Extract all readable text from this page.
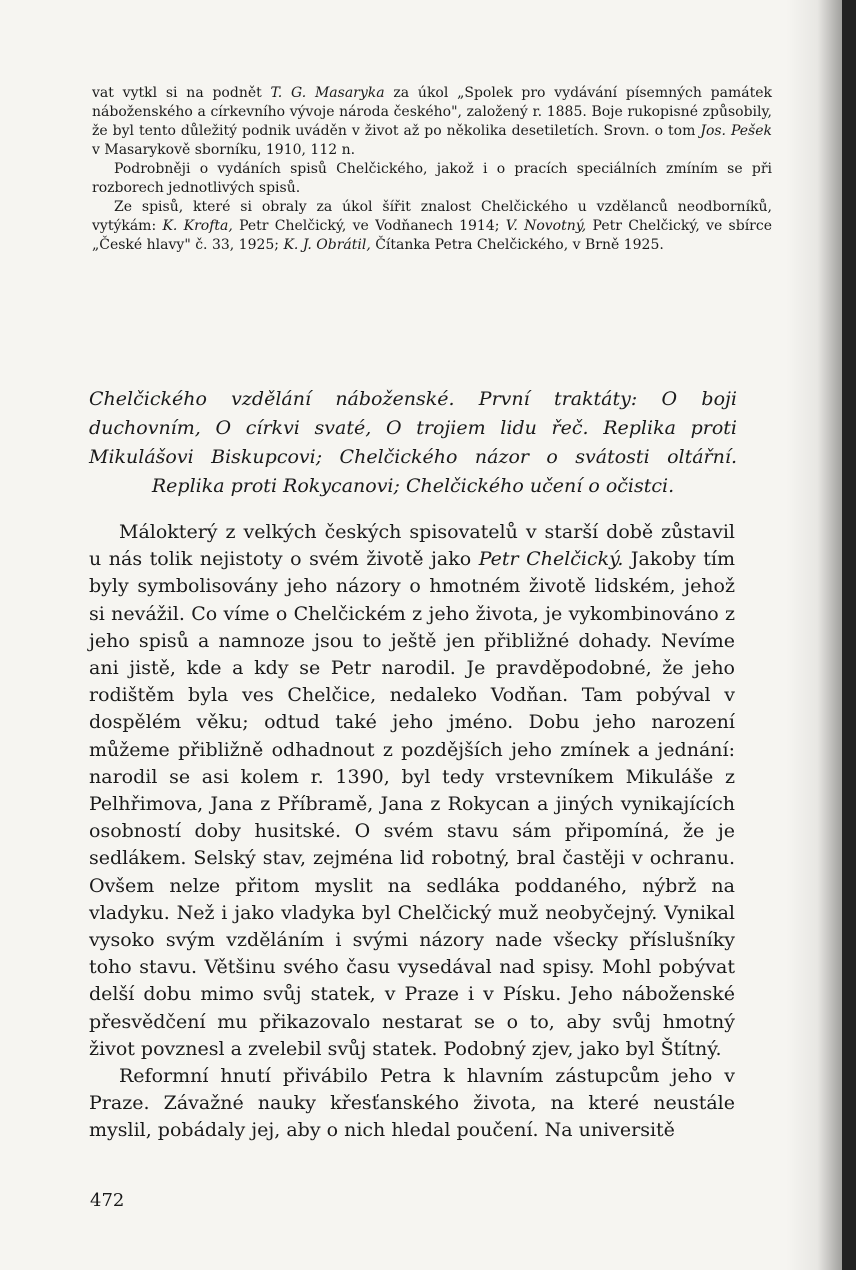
vat vytkl si na podnět T. G. Masaryka za úkol „Spolek pro vydávání písemných památek náboženského a církevního vývoje národa českého", založený r. 1885. Boje rukopisné způsobily, že byl tento důležitý podnik uváděn v život až po několika desetiletích. Srovn. o tom Jos. Pešek v Masarykově sborníku, 1910, 112 n.

Podrobněji o vydáních spisů Chelčického, jakož i o pracích speciálních zmíním se při rozborech jednotlivých spisů.

Ze spisů, které si obraly za úkol šířit znalost Chelčického u vzdělanců neodborníků, vytýkám: K. Krofta, Petr Chelčický, ve Vodňanech 1914; V. Novotný, Petr Chelčický, ve sbírce „České hlavy" č. 33, 1925; K. J. Obrátil, Čítanka Petra Chelčického, v Brně 1925.

Chelčického vzdělání náboženské. První traktáty: O boji duchovním, O církvi svaté, O trojiem lidu řeč. Replika proti Mikulášovi Biskupcovi; Chelčického názor o svátosti oltářní. Replika proti Rokycanovi; Chelčického učení o očistci.

Málokterý z velkých českých spisovatelů v starší době zůstavil u nás tolik nejistoty o svém životě jako Petr Chelčický. Jakoby tím byly symbolisovány jeho názory o hmotném životě lidském, jehož si nevážil. Co víme o Chelčickém z jeho života, je vykombinováno z jeho spisů a namnoze jsou to ještě jen přibližné dohady. Nevíme ani jistě, kde a kdy se Petr narodil. Je pravděpodobné, že jeho rodištěm byla ves Chelčice, nedaleko Vodňan. Tam pobýval v dospělém věku; odtud také jeho jméno. Dobu jeho narození můžeme přibližně odhadnout z pozdějších jeho zmínek a jednání: narodil se asi kolem r. 1390, byl tedy vrstevníkem Mikuláše z Pelhřimova, Jana z Příbramě, Jana z Rokycan a jiných vynikajících osobností doby husitské. O svém stavu sám připomíná, že je sedlákem. Selský stav, zejména lid robotný, bral častěji v ochranu. Ovšem nelze přitom myslit na sedláka poddaného, nýbrž na vladyku. Než i jako vladyka byl Chelčický muž neobyčejný. Vynikal vysoko svým vzděláním i svými názory nade všecky příslušníky toho stavu. Většinu svého času vysedával nad spisy. Mohl pobývat delší dobu mimo svůj statek, v Praze i v Písku. Jeho náboženské přesvědčení mu přikazovalo nestarat se o to, aby svůj hmotný život povznesl a zvelebil svůj statek. Podobný zjev, jako byl Štítný.

Reformní hnutí přivábilo Petra k hlavním zástupcům jeho v Praze. Závažné nauky křesťanského života, na které neustále myslil, pobádaly jej, aby o nich hledal poučení. Na universitě

472
